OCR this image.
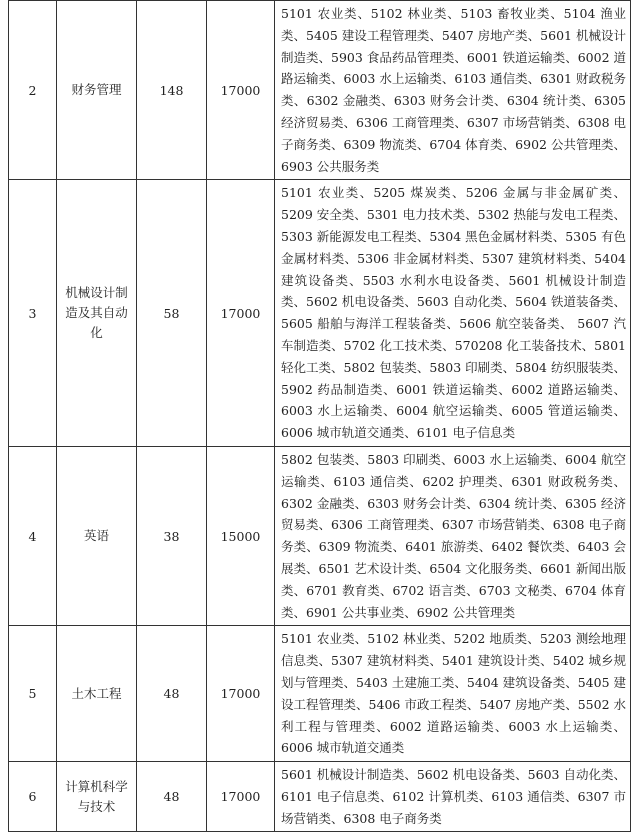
2	财务管理	148	17000	5101 农业类、5102 林业类、5103 畜牧业类、5104 渔业类、5405 建设工程管理类、5407 房地产类、5601 机械设计制造类、5903 食品药品管理类、6001 铁道运输类、6002 道路运输类、6003 水上运输类、6103 通信类、6301 财政税务类、6302 金融类、6303 财务会计类、6304 统计类、6305 经济贸易类、6306 工商管理类、6307 市场营销类、6308 电子商务类、6309 物流类、6704 体育类、6902 公共管理类、6903 公共服务类
3	机械设计制造及其自动化	58	17000	5101 农业类、5205 煤炭类、5206 金属与非金属矿类、5209 安全类、5301 电力技术类、5302 热能与发电工程类、5303 新能源发电工程类、5304 黑色金属材料类、5305 有色金属材料类、5306 非金属材料类、5307 建筑材料类、5404 建筑设备类、5503 水利水电设备类、5601 机械设计制造类、5602 机电设备类、5603 自动化类、5604 铁道装备类、5605 船舶与海洋工程装备类、5606 航空装备类、 5607 汽车制造类、5702 化工技术类、570208 化工装备技术、5801 轻化工类、5802 包装类、5803 印刷类、5804 纺织服装类、5902 药品制造类、6001 铁道运输类、6002 道路运输类、6003 水上运输类、6004 航空运输类、6005 管道运输类、6006 城市轨道交通类、6101 电子信息类
4	英语	38	15000	5802 包装类、5803 印刷类、6003 水上运输类、6004 航空运输类、6103 通信类、6202 护理类、6301 财政税务类、6302 金融类、6303 财务会计类、6304 统计类、6305 经济贸易类、6306 工商管理类、6307 市场营销类、6308 电子商务类、6309 物流类、6401 旅游类、6402 餐饮类、6403 会展类、6501 艺术设计类、6504 文化服务类、6601 新闻出版类、6701 教育类、6702 语言类、6703 文秘类、6704 体育类、6901 公共事业类、6902 公共管理类
5	土木工程	48	17000	5101 农业类、5102 林业类、5202 地质类、5203 测绘地理信息类、5307 建筑材料类、5401 建筑设计类、5402 城乡规划与管理类、5403 土建施工类、5404 建筑设备类、5405 建设工程管理类、5406 市政工程类、5407 房地产类、5502 水利工程与管理类、6002 道路运输类、6003 水上运输类、6006 城市轨道交通类
6	计算机科学与技术	48	17000	5601 机械设计制造类、5602 机电设备类、5603 自动化类、6101 电子信息类、6102 计算机类、6103 通信类、6307 市场营销类、6308 电子商务类
